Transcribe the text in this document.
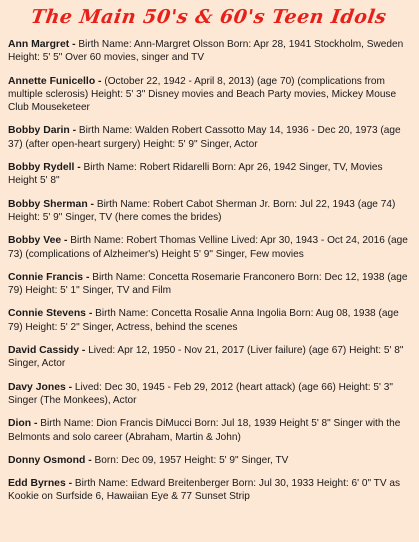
The Main 50's & 60's Teen Idols

Ann Margret - Birth Name: Ann-Margret Olsson Born: Apr 28, 1941 Stockholm, Sweden Height: 5' 5" Over 60 movies, singer and TV

Annette Funicello - (October 22, 1942 - April 8, 2013) (age 70) (complications from multiple sclerosis) Height: 5' 3" Disney movies and Beach Party movies, Mickey Mouse Club Mouseketeer

Bobby Darin - Birth Name: Walden Robert Cassotto May 14, 1936 - Dec 20, 1973 (age 37) (after open-heart surgery) Height: 5' 9" Singer, Actor

Bobby Rydell - Birth Name: Robert Ridarelli Born: Apr 26, 1942 Singer, TV, Movies Height 5' 8"

Bobby Sherman - Birth Name: Robert Cabot Sherman Jr. Born: Jul 22, 1943 (age 74) Height: 5' 9" Singer, TV (here comes the brides)

Bobby Vee - Birth Name: Robert Thomas Velline Lived: Apr 30, 1943 - Oct 24, 2016 (age 73) (complications of Alzheimer's) Height 5' 9" Singer, Few movies

Connie Francis - Birth Name: Concetta Rosemarie Franconero Born: Dec 12, 1938 (age 79) Height: 5' 1" Singer, TV and Film

Connie Stevens - Birth Name: Concetta Rosalie Anna Ingolia Born: Aug 08, 1938 (age 79) Height: 5' 2" Singer, Actress, behind the scenes

David Cassidy - Lived: Apr 12, 1950 - Nov 21, 2017 (Liver failure) (age 67) Height: 5' 8" Singer, Actor

Davy Jones - Lived: Dec 30, 1945 - Feb 29, 2012 (heart attack) (age 66) Height: 5' 3" Singer (The Monkees), Actor

Dion - Birth Name: Dion Francis DiMucci Born: Jul 18, 1939 Height 5' 8" Singer with the Belmonts and solo career (Abraham, Martin & John)

Donny Osmond - Born: Dec 09, 1957 Height: 5' 9" Singer, TV

Edd Byrnes - Birth Name: Edward Breitenberger Born: Jul 30, 1933 Height: 6' 0" TV as Kookie on Surfside 6, Hawaiian Eye & 77 Sunset Strip
